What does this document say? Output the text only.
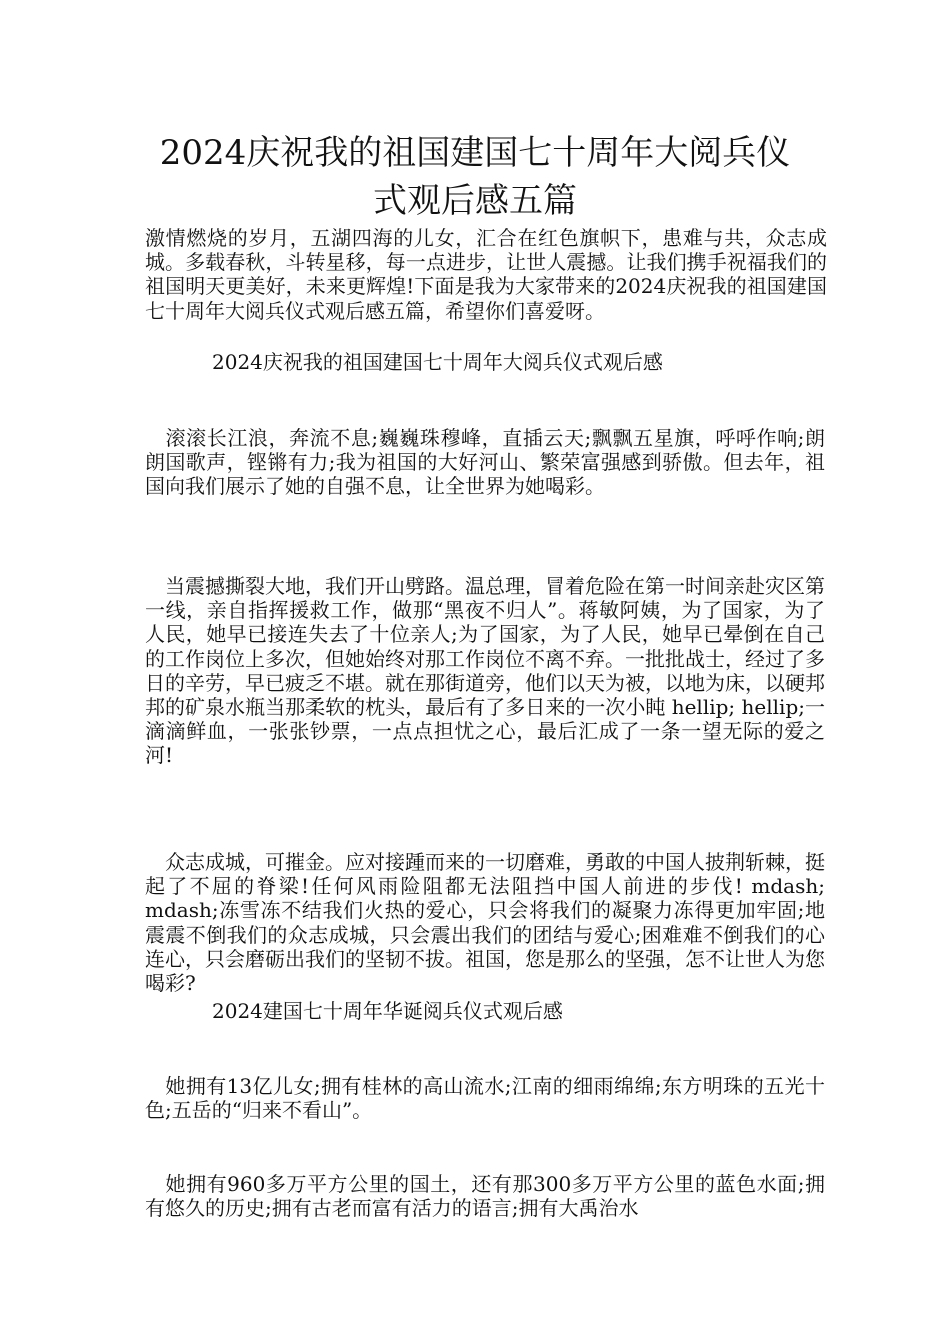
2024庆祝我的祖国建国七十周年大阅兵仪
式观后感五篇

激情燃烧的岁月，五湖四海的儿女，汇合在红色旗帜下，患难与共，众志成城。多载春秋，斗转星移，每一点进步，让世人震撼。让我们携手祝福我们的祖国明天更美好，未来更辉煌!下面是我为大家带来的2024庆祝我的祖国建国七十周年大阅兵仪式观后感五篇，希望你们喜爱呀。

2024庆祝我的祖国建国七十周年大阅兵仪式观后感

　滚滚长江浪，奔流不息;巍巍珠穆峰，直插云天;飘飘五星旗，呼呼作响;朗朗国歌声，铿锵有力;我为祖国的大好河山、繁荣富强感到骄傲。但去年，祖国向我们展示了她的自强不息，让全世界为她喝彩。

　当震撼撕裂大地，我们开山劈路。温总理，冒着危险在第一时间亲赴灾区第一线，亲自指挥援救工作，做那“黑夜不归人”。蒋敏阿姨，为了国家，为了人民，她早已接连失去了十位亲人;为了国家，为了人民，她早已晕倒在自己的工作岗位上多次，但她始终对那工作岗位不离不弃。一批批战士，经过了多日的辛劳，早已疲乏不堪。就在那街道旁，他们以天为被，以地为床，以硬邦邦的矿泉水瓶当那柔软的枕头，最后有了多日来的一次小盹 hellip; hellip;一滴滴鲜血，一张张钞票，一点点担忧之心，最后汇成了一条一望无际的爱之河!

　众志成城，可摧金。应对接踵而来的一切磨难，勇敢的中国人披荆斩棘，挺起了不屈的脊梁!任何风雨险阻都无法阻挡中国人前进的步伐! mdash; mdash;冻雪冻不结我们火热的爱心，只会将我们的凝聚力冻得更加牢固;地震震不倒我们的众志成城，只会震出我们的团结与爱心;困难难不倒我们的心连心，只会磨砺出我们的坚韧不拔。祖国，您是那么的坚强，怎不让世人为您喝彩?

2024建国七十周年华诞阅兵仪式观后感

　她拥有13亿儿女;拥有桂林的高山流水;江南的细雨绵绵;东方明珠的五光十色;五岳的“归来不看山”。

　她拥有960多万平方公里的国土，还有那300多万平方公里的蓝色水面;拥有悠久的历史;拥有古老而富有活力的语言;拥有大禹治水
